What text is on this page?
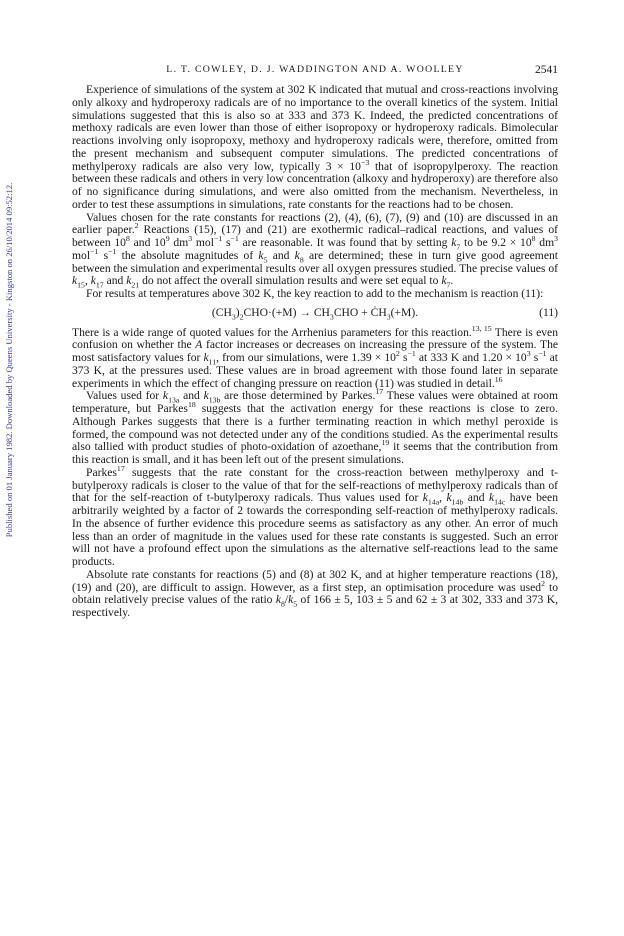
Published on 01 January 1982. Downloaded by Queens University - Kingston on 26/10/2014 09:52:12.
L. T. COWLEY, D. J. WADDINGTON AND A. WOOLLEY	2541

Experience of simulations of the system at 302 K indicated that mutual and cross-reactions involving only alkoxy and hydroperoxy radicals are of no importance to the overall kinetics of the system. Initial simulations suggested that this is also so at 333 and 373 K. Indeed, the predicted concentrations of methoxy radicals are even lower than those of either isopropoxy or hydroperoxy radicals. Bimolecular reactions involving only isopropoxy, methoxy and hydroperoxy radicals were, therefore, omitted from the present mechanism and subsequent computer simulations. The predicted concentrations of methylperoxy radicals are also very low, typically $3 \times 10^{-3}$ that of isopropylperoxy. The reaction between these radicals and others in very low concentration (alkoxy and hydroperoxy) are therefore also of no significance during simulations, and were also omitted from the mechanism. Nevertheless, in order to test these assumptions in simulations, rate constants for the reactions had to be chosen.

Values chosen for the rate constants for reactions (2), (4), (6), (7), (9) and (10) are discussed in an earlier paper.$^2$ Reactions (15), (17) and (21) are exothermic radical–radical reactions, and values of between $10^8$ and $10^9$ $dm^3$ mol$^{-1}$ $s^{-1}$ are reasonable. It was found that by setting $k_7$ to be $9.2 \times 10^8$ $dm^3$ mol$^{-1}$ $s^{-1}$ the absolute magnitudes of $k_5$ and $k_8$ are determined; these in turn give good agreement between the simulation and experimental results over all oxygen pressures studied. The precise values of $k_{15}$, $k_{17}$ and $k_{21}$ do not affect the overall simulation results and were set equal to $k_7$.

For results at temperatures above 302 K, the key reaction to add to the mechanism is reaction (11):

$(CH_3)_2CHO\cdot(+M) \to CH_3CHO$ + $ĊH_3(+M)$.	(11)

There is a wide range of quoted values for the Arrhenius parameters for this reaction.$^{13, 15}$ There is even confusion on whether the A factor increases or decreases on increasing the pressure of the system. The most satisfactory values for $k_{11}$, from our simulations, were $1.39 \times 10^2$ $s^{-1}$ at 333 K and $1.20 \times 10^3$ $s^{-1}$ at 373 K, at the pressures used. These values are in broad agreement with those found later in separate experiments in which the effect of changing pressure on reaction (11) was studied in detail.$^{16}$

Values used for $k_{13a}$ and $k_{13b}$ are those determined by Parkes.$^{17}$ These values were obtained at room temperature, but Parkes$^{18}$ suggests that the activation energy for these reactions is close to zero. Although Parkes suggests that there is a further terminating reaction in which methyl peroxide is formed, the compound was not detected under any of the conditions studied. As the experimental results also tallied with product studies of photo-oxidation of azoethane,$^{19}$ it seems that the contribution from this reaction is small, and it has been left out of the present simulations.

Parkes$^{17}$ suggests that the rate constant for the cross-reaction between methylperoxy and t-butylperoxy radicals is closer to the value of that for the self-reactions of methylperoxy radicals than of that for the self-reaction of t-butylperoxy radicals. Thus values used for $k_{14a}$, $k_{14b}$ and $k_{14c}$ have been arbitrarily weighted by a factor of 2 towards the corresponding self-reaction of methylperoxy radicals. In the absence of further evidence this procedure seems as satisfactory as any other. An error of much less than an order of magnitude in the values used for these rate constants is suggested. Such an error will not have a profound effect upon the simulations as the alternative self-reactions lead to the same products.

Absolute rate constants for reactions (5) and (8) at 302 K, and at higher temperature reactions (18), (19) and (20), are difficult to assign. However, as a first step, an optimisation procedure was used$^2$ to obtain relatively precise values of the ratio $k_8/k_5$ of 166 ± 5, 103 ± 5 and 62 ± 3 at 302, 333 and 373 K, respectively.
